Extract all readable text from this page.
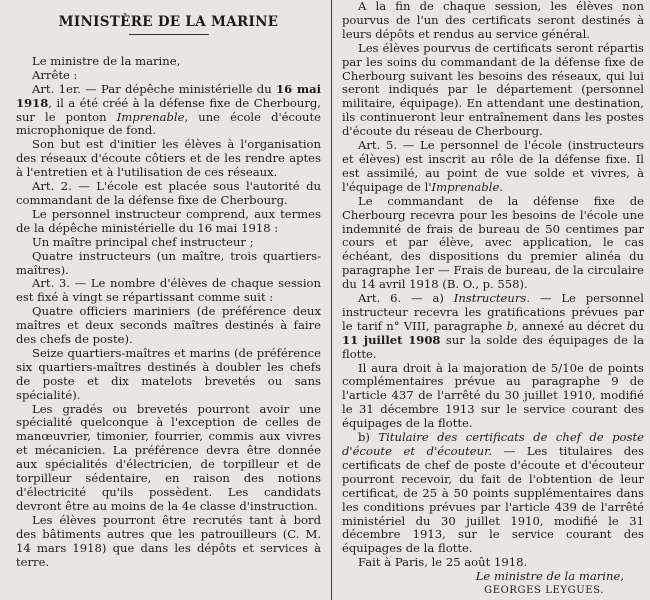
MINISTÈRE DE LA MARINE

Le ministre de la marine,

Arrête :

Art. 1er. — Par dépêche ministérielle du 16 mai 1918, il a été créé à la défense fixe de Cherbourg, sur le ponton Imprenable, une école d'écoute microphonique de fond.

Son but est d'initier les élèves à l'organisation des réseaux d'écoute côtiers et de les rendre aptes à l'entretien et à l'utilisation de ces réseaux.

Art. 2. — L'école est placée sous l'autorité du commandant de la défense fixe de Cherbourg.

Le personnel instructeur comprend, aux termes de la dépêche ministérielle du 16 mai 1918 :

Un maître principal chef instructeur ;

Quatre instructeurs (un maître, trois quartiers-maîtres).

Art. 3. — Le nombre d'élèves de chaque session est fixé à vingt se répartissant comme suit :

Quatre officiers mariniers (de préférence deux maîtres et deux seconds maîtres destinés à faire des chefs de poste).

Seize quartiers-maîtres et marins (de préférence six quartiers-maîtres destinés à doubler les chefs de poste et dix matelots brevetés ou sans spécialité).

Les gradés ou brevetés pourront avoir une spécialité quelconque à l'exception de celles de manœuvrier, timonier, fourrier, commis aux vivres et mécanicien. La préférence devra être donnée aux spécialités d'électricien, de torpilleur et de torpilleur sédentaire, en raison des notions d'électricité qu'ils possèdent. Les candidats devront être au moins de la 4e classe d'instruction.

Les élèves pourront être recrutés tant à bord des bâtiments autres que les patrouilleurs (C. M. 14 mars 1918) que dans les dépôts et services à terre.

A la fin de chaque session, les élèves non pourvus de l'un des certificats seront destinés à leurs dépôts et rendus au service général.

Les élèves pourvus de certificats seront répartis par les soins du commandant de la défense fixe de Cherbourg suivant les besoins des réseaux, qui lui seront indiqués par le département (personnel militaire, équipage). En attendant une destination, ils continueront leur entraînement dans les postes d'écoute du réseau de Cherbourg.

Art. 5. — Le personnel de l'école (instructeurs et élèves) est inscrit au rôle de la défense fixe. Il est assimilé, au point de vue solde et vivres, à l'équipage de l'Imprenable.

Le commandant de la défense fixe de Cherbourg recevra pour les besoins de l'école une indemnité de frais de bureau de 50 centimes par cours et par élève, avec application, le cas échéant, des dispositions du premier alinéa du paragraphe 1er — Frais de bureau, de la circulaire du 14 avril 1918 (B. O., p. 558).

Art. 6. — a) Instructeurs. — Le personnel instructeur recevra les gratifications prévues par le tarif n° VIII, paragraphe b, annexé au décret du 11 juillet 1908 sur la solde des équipages de la flotte.

Il aura droit à la majoration de 5/10e de points complémentaires prévue au paragraphe 9 de l'article 437 de l'arrêté du 30 juillet 1910, modifié le 31 décembre 1913 sur le service courant des équipages de la flotte.

b) Titulaire des certificats de chef de poste d'écoute et d'écouteur. — Les titulaires des certificats de chef de poste d'écoute et d'écouteur pourront recevoir, du fait de l'obtention de leur certificat, de 25 à 50 points supplémentaires dans les conditions prévues par l'article 439 de l'arrêté ministériel du 30 juillet 1910, modifié le 31 décembre 1913, sur le service courant des équipages de la flotte.

Fait à Paris, le 25 août 1918.

Le ministre de la marine,

GEORGES LEYGUES.
